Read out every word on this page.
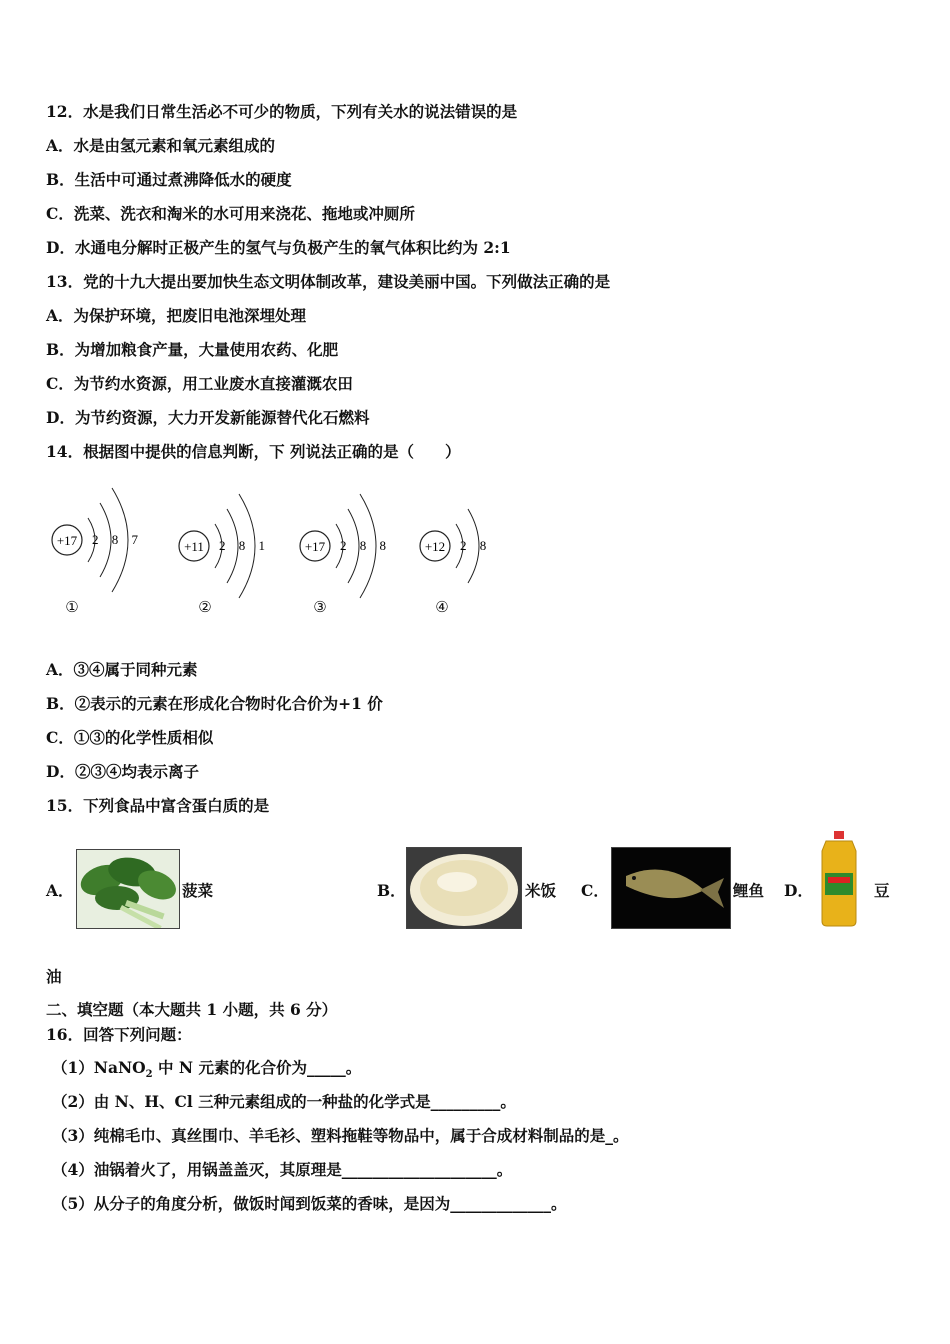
12．水是我们日常生活必不可少的物质，下列有关水的说法错误的是
A．水是由氢元素和氧元素组成的
B．生活中可通过煮沸降低水的硬度
C．洗菜、洗衣和淘米的水可用来浇花、拖地或冲厕所
D．水通电分解时正极产生的氢气与负极产生的氧气体积比约为 2:1
13．党的十九大提出要加快生态文明体制改革，建设美丽中国。下列做法正确的是
A．为保护环境，把废旧电池深埋处理
B．为增加粮食产量，大量使用农药、化肥
C．为节约水资源，用工业废水直接灌溉农田
D．为节约资源，大力开发新能源替代化石燃料
14．根据图中提供的信息判断，下 列说法正确的是（　　）
+17 2 8 7
①
+11 2 8 1
②
+17 2 8 8
③
+12 2 8
④
A．③④属于同种元素
B．②表示的元素在形成化合物时化合价为+1 价
C．①③的化学性质相似
D．②③④均表示离子
15．下列食品中富含蛋白质的是
A．	菠菜	B．	米饭 C．	鲤鱼 D．	豆
油
二、填空题（本大题共 1 小题，共 6 分）
16．回答下列问题：
（1）NaNO$_2$ 中 N 元素的化合价为_____。
（2）由 N、H、Cl 三种元素组成的一种盐的化学式是_________。
（3）纯棉毛巾、真丝围巾、羊毛衫、塑料拖鞋等物品中，属于合成材料制品的是_。
（4）油锅着火了，用锅盖盖灭，其原理是____________________。
（5）从分子的角度分析，做饭时闻到饭菜的香味，是因为_____________。
